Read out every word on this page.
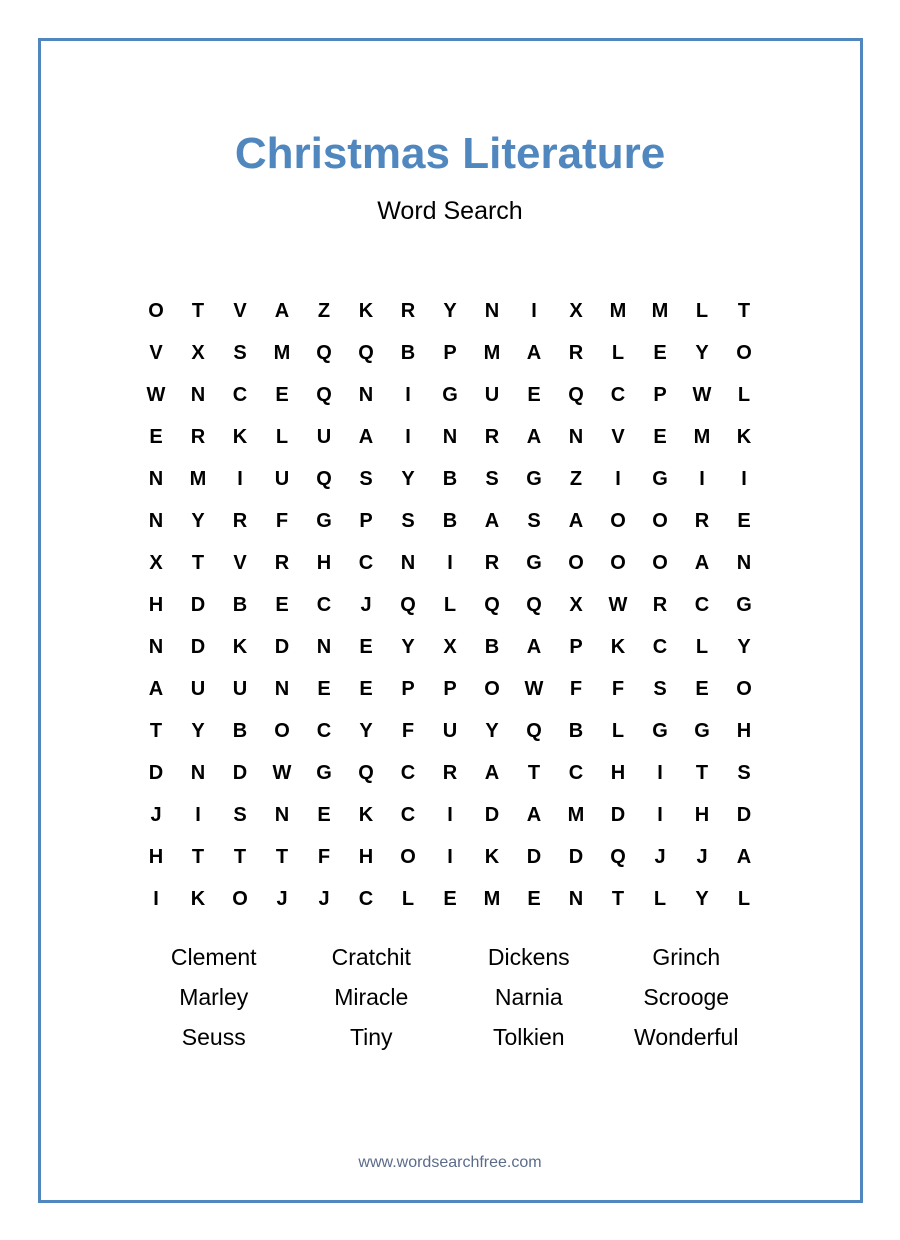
Christmas Literature
Word Search
O	T	V	A	Z	K	R	Y	N	I	X	M	M	L	T
V	X	S	M	Q	Q	B	P	M	A	R	L	E	Y	O
W	N	C	E	Q	N	I	G	U	E	Q	C	P	W	L
E	R	K	L	U	A	I	N	R	A	N	V	E	M	K
N	M	I	U	Q	S	Y	B	S	G	Z	I	G	I	I
N	Y	R	F	G	P	S	B	A	S	A	O	O	R	E
X	T	V	R	H	C	N	I	R	G	O	O	O	A	N
H	D	B	E	C	J	Q	L	Q	Q	X	W	R	C	G
N	D	K	D	N	E	Y	X	B	A	P	K	C	L	Y
A	U	U	N	E	E	P	P	O	W	F	F	S	E	O
T	Y	B	O	C	Y	F	U	Y	Q	B	L	G	G	H
D	N	D	W	G	Q	C	R	A	T	C	H	I	T	S
J	I	S	N	E	K	C	I	D	A	M	D	I	H	D
H	T	T	T	F	H	O	I	K	D	D	Q	J	J	A
I	K	O	J	J	C	L	E	M	E	N	T	L	Y	L
Clement	Cratchit	Dickens	Grinch
Marley	Miracle	Narnia	Scrooge
Seuss	Tiny	Tolkien	Wonderful
www.wordsearchfree.com
